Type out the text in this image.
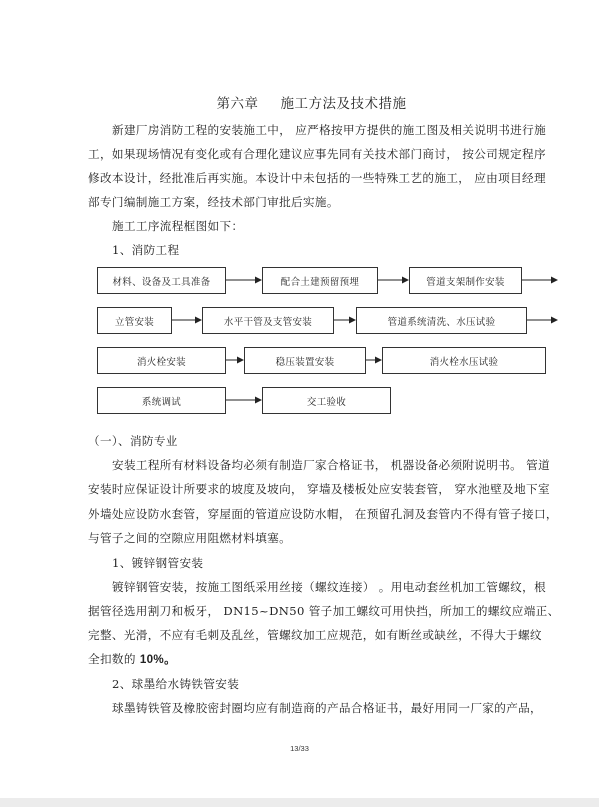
第六章 施工方法及技术措施
新建厂房消防工程的安装施工中， 应严格按甲方提供的施工图及相关说明书进行施
工，如果现场情况有变化或有合理化建议应事先同有关技术部门商讨， 按公司规定程序
修改本设计，经批准后再实施。本设计中未包括的一些特殊工艺的施工， 应由项目经理
部专门编制施工方案，经技术部门审批后实施。
施工工序流程框图如下：
1、消防工程
材料、设备及工具准备	配合土建预留预埋	管道支架制作安装
立管安装	水平干管及支管安装	管道系统清洗、水压试验
消火栓安装	稳压装置安装	消火栓水压试验
系统调试	交工验收
（一）、消防专业
安装工程所有材料设备均必须有制造厂家合格证书， 机器设备必须附说明书。 管道
安装时应保证设计所要求的坡度及坡向， 穿墙及楼板处应安装套管， 穿水池壁及地下室
外墙处应设防水套管，穿屋面的管道应设防水帽， 在预留孔洞及套管内不得有管子接口，
与管子之间的空隙应用阻燃材料填塞。
1、镀锌钢管安装
镀锌钢管安装，按施工图纸采用丝接（螺纹连接） 。用电动套丝机加工管螺纹，根
据管径选用割刀和板牙， DN15~DN50 管子加工螺纹可用快挡，所加工的螺纹应端正、
完整、光滑，不应有毛刺及乱丝，管螺纹加工应规范，如有断丝或缺丝，不得大于螺纹
全扣数的 10%。
2、球墨给水铸铁管安装
球墨铸铁管及橡胶密封圈均应有制造商的产品合格证书，最好用同一厂家的产品，
13/33
